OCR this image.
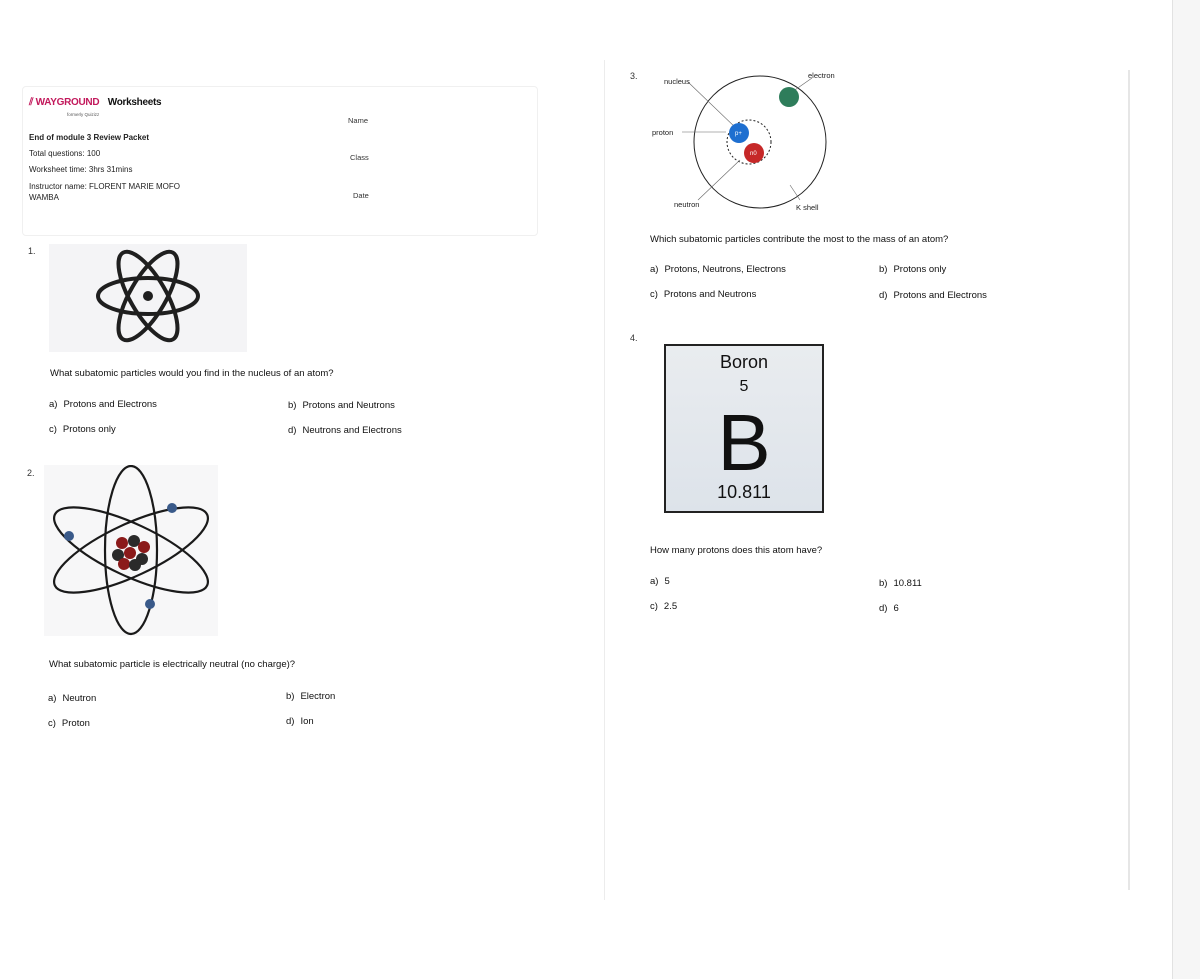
⫽ WAYGROUND Worksheets
formerly Quizizz
End of module 3 Review Packet
Total questions: 100
Worksheet time: 3hrs 31mins
Instructor name: FLORENT MARIE MOFO
WAMBA
Name
Class
Date
1.
What subatomic particles would you find in the nucleus of an atom?
a) Protons and Electrons	b) Protons and Neutrons
c) Protons only	d) Neutrons and Electrons
2.
What subatomic particle is electrically neutral (no charge)?
a) Neutron	b) Electron
c) Proton	d) Ion
3.
p+
n0
nucleus
electron
proton
neutron	K shell
Which subatomic particles contribute the most to the mass of an atom?
a) Protons, Neutrons, Electrons	b) Protons only
c) Protons and Neutrons	d) Protons and Electrons
4.
Boron
5
B
10.811
How many protons does this atom have?
a) 5	b) 10.811
c) 2.5	d) 6
